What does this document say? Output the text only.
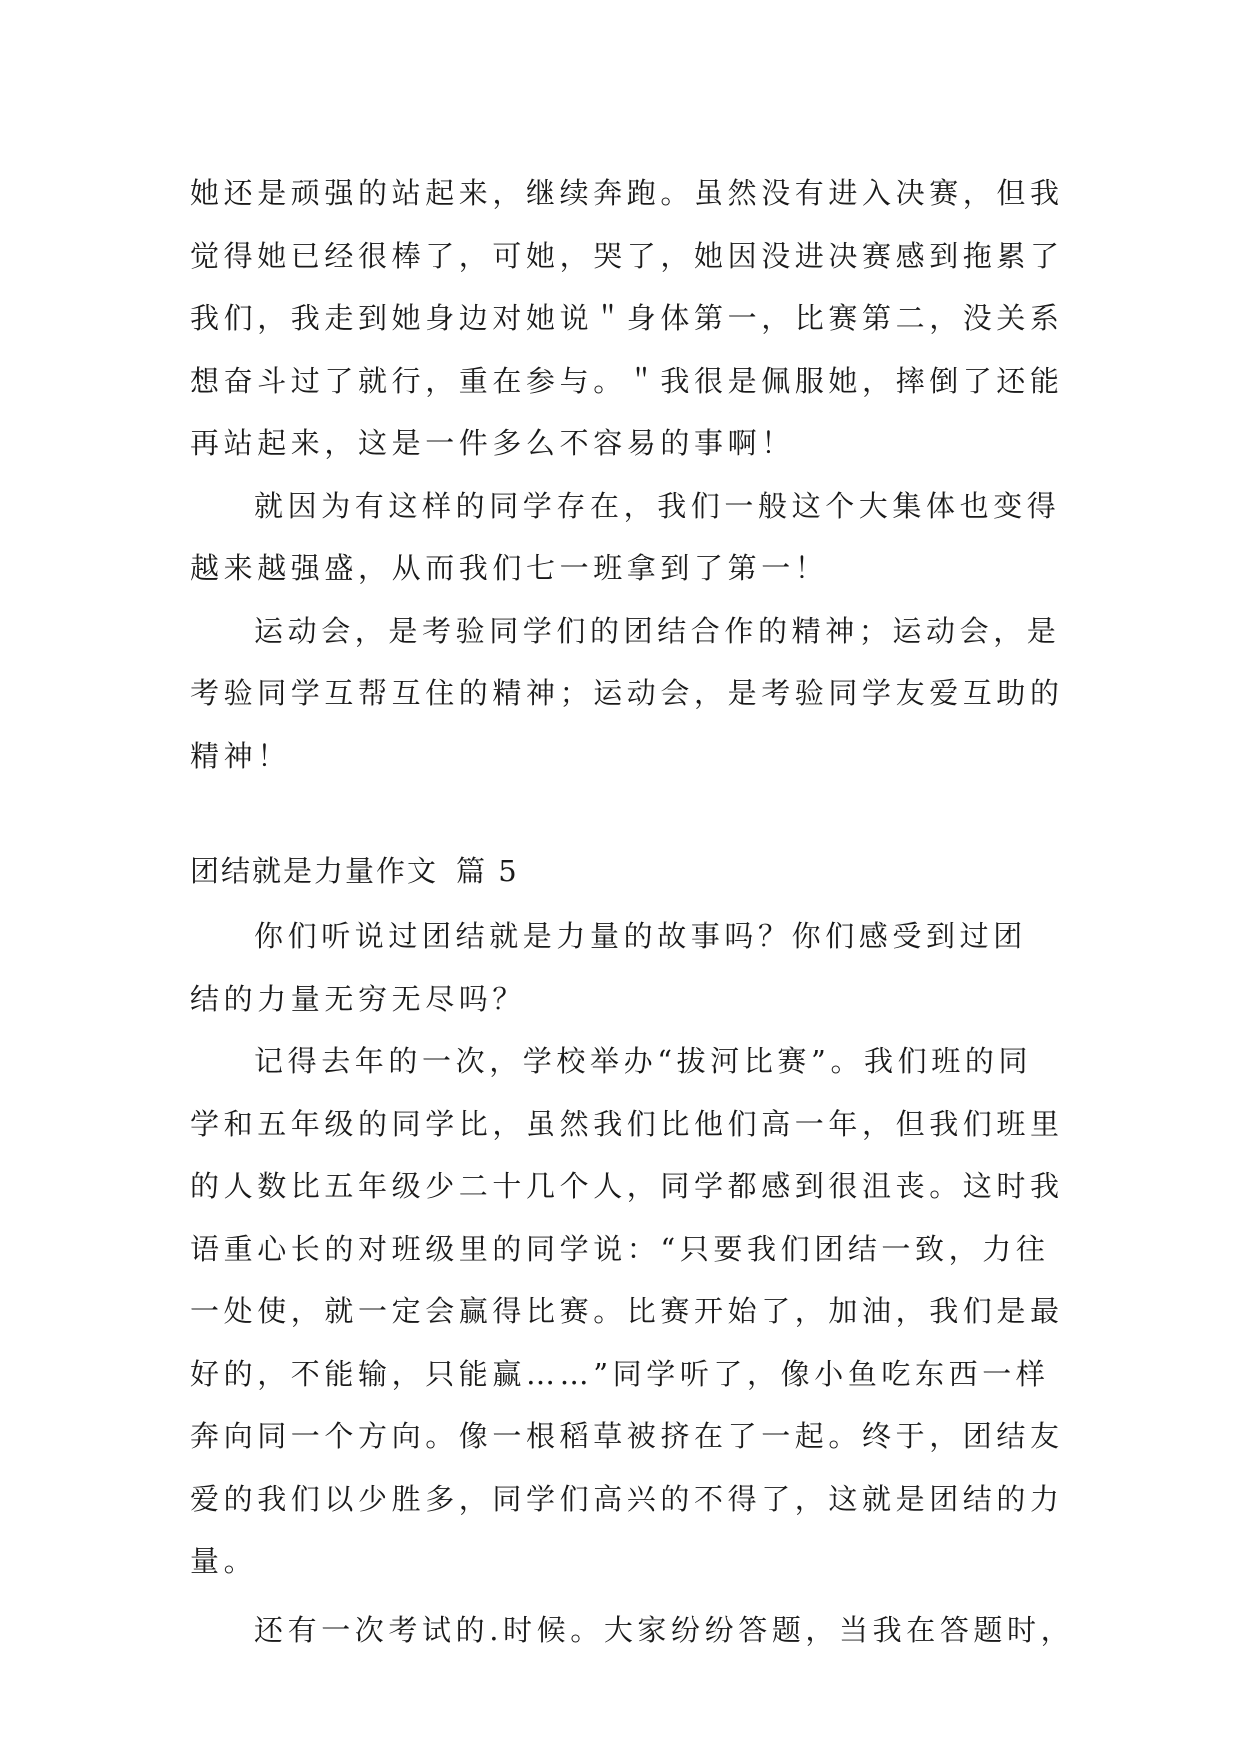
她还是顽强的站起来，继续奔跑。虽然没有进入决赛，但我
觉得她已经很棒了，可她，哭了，她因没进决赛感到拖累了
我们，我走到她身边对她说＂身体第一，比赛第二，没关系
想奋斗过了就行，重在参与。＂我很是佩服她，摔倒了还能
再站起来，这是一件多么不容易的事啊！
就因为有这样的同学存在，我们一般这个大集体也变得
越来越强盛，从而我们七一班拿到了第一！
运动会，是考验同学们的团结合作的精神；运动会，是
考验同学互帮互住的精神；运动会，是考验同学友爱互助的
精神！
团结就是力量作文 篇 5
你们听说过团结就是力量的故事吗？你们感受到过团
结的力量无穷无尽吗？
记得去年的一次，学校举办“拔河比赛”。我们班的同
学和五年级的同学比，虽然我们比他们高一年，但我们班里
的人数比五年级少二十几个人，同学都感到很沮丧。这时我
语重心长的对班级里的同学说：“只要我们团结一致，力往
一处使，就一定会赢得比赛。比赛开始了，加油，我们是最
好的，不能输，只能赢……”同学听了，像小鱼吃东西一样
奔向同一个方向。像一根稻草被挤在了一起。终于，团结友
爱的我们以少胜多，同学们高兴的不得了，这就是团结的力
量。
还有一次考试的.时候。大家纷纷答题，当我在答题时，
